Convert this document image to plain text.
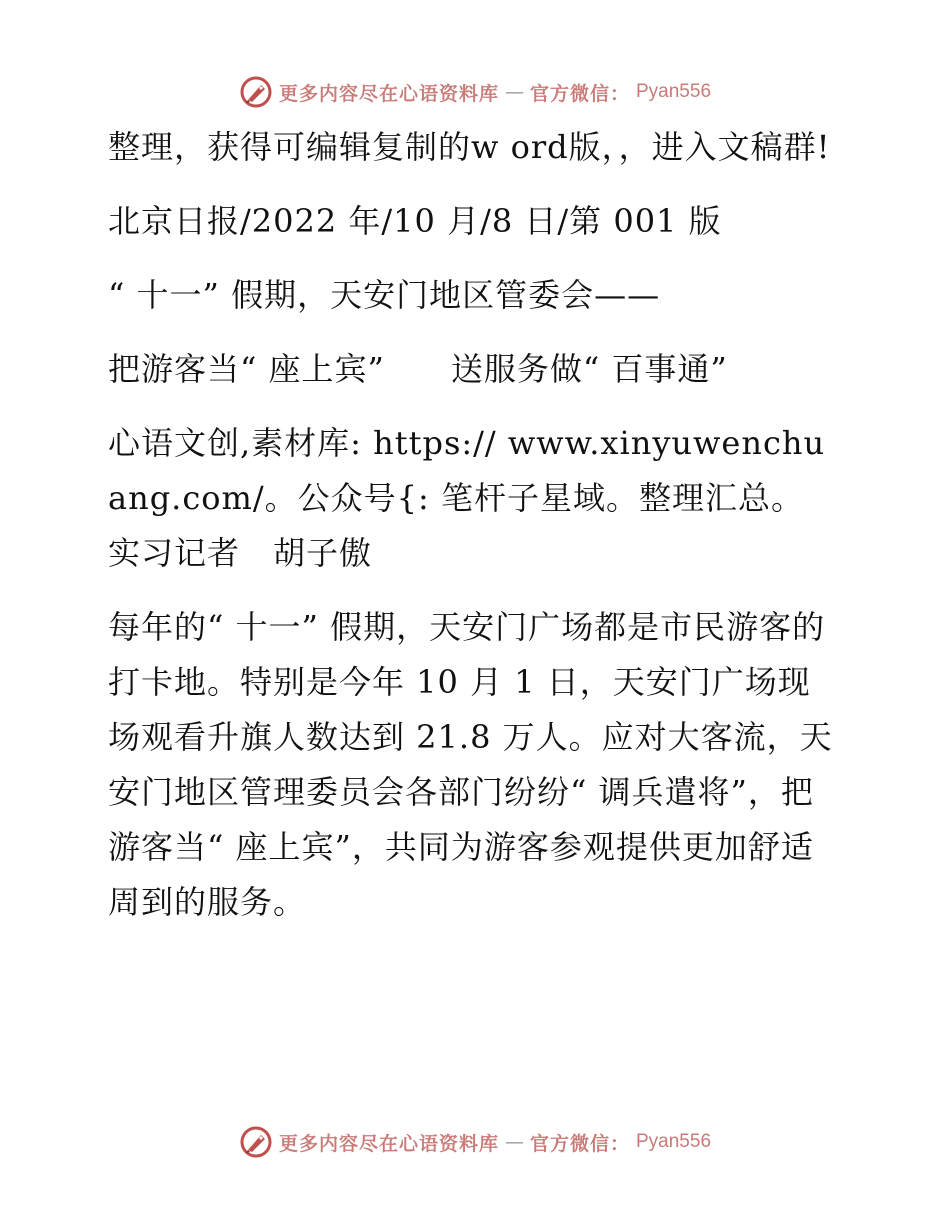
更多内容尽在心语资料库 — 官方微信： Pyan556

整理，获得可编辑复制的w ord版，，进入文稿群!

北京日报/2022 年/10 月/8 日/第 001 版

“ 十一” 假期，天安门地区管委会——

把游客当“ 座上宾”　　送服务做“ 百事通”

心语文创,素材库: https:// www.xinyuwenchuang.com/。公众号{: 笔杆子星域。整理汇总。实习记者　胡子傲

每年的“ 十一” 假期，天安门广场都是市民游客的打卡地。特别是今年 10 月 1 日，天安门广场现场观看升旗人数达到 21.8 万人。应对大客流，天安门地区管理委员会各部门纷纷“ 调兵遣将”，把游客当“ 座上宾”，共同为游客参观提供更加舒适周到的服务。

更多内容尽在心语资料库 — 官方微信： Pyan556
